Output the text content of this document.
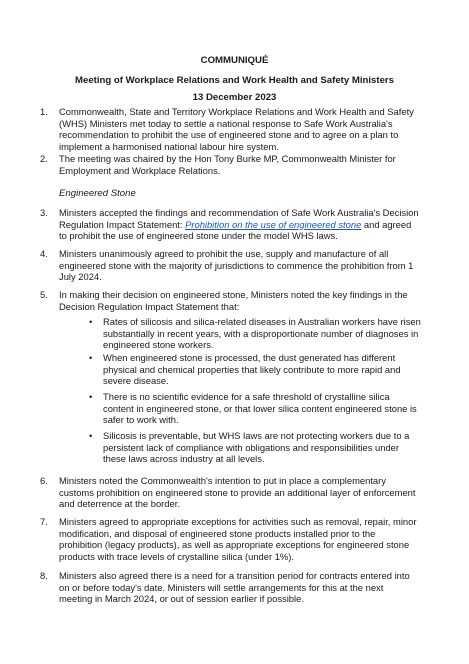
COMMUNIQUÉ
Meeting of Workplace Relations and Work Health and Safety Ministers
13 December 2023
1. Commonwealth, State and Territory Workplace Relations and Work Health and Safety (WHS) Ministers met today to settle a national response to Safe Work Australia's recommendation to prohibit the use of engineered stone and to agree on a plan to implement a harmonised national labour hire system.
2. The meeting was chaired by the Hon Tony Burke MP, Commonwealth Minister for Employment and Workplace Relations.
Engineered Stone
3. Ministers accepted the findings and recommendation of Safe Work Australia's Decision Regulation Impact Statement: Prohibition on the use of engineered stone and agreed to prohibit the use of engineered stone under the model WHS laws.
4. Ministers unanimously agreed to prohibit the use, supply and manufacture of all engineered stone with the majority of jurisdictions to commence the prohibition from 1 July 2024.
5. In making their decision on engineered stone, Ministers noted the key findings in the Decision Regulation Impact Statement that:
• Rates of silicosis and silica-related diseases in Australian workers have risen substantially in recent years, with a disproportionate number of diagnoses in engineered stone workers.
• When engineered stone is processed, the dust generated has different physical and chemical properties that likely contribute to more rapid and severe disease.
• There is no scientific evidence for a safe threshold of crystalline silica content in engineered stone, or that lower silica content engineered stone is safer to work with.
• Silicosis is preventable, but WHS laws are not protecting workers due to a persistent lack of compliance with obligations and responsibilities under these laws across industry at all levels.
6. Ministers noted the Commonwealth's intention to put in place a complementary customs prohibition on engineered stone to provide an additional layer of enforcement and deterrence at the border.
7. Ministers agreed to appropriate exceptions for activities such as removal, repair, minor modification, and disposal of engineered stone products installed prior to the prohibition (legacy products), as well as appropriate exceptions for engineered stone products with trace levels of crystalline silica (under 1%).
8. Ministers also agreed there is a need for a transition period for contracts entered into on or before today's date. Ministers will settle arrangements for this at the next meeting in March 2024, or out of session earlier if possible.
